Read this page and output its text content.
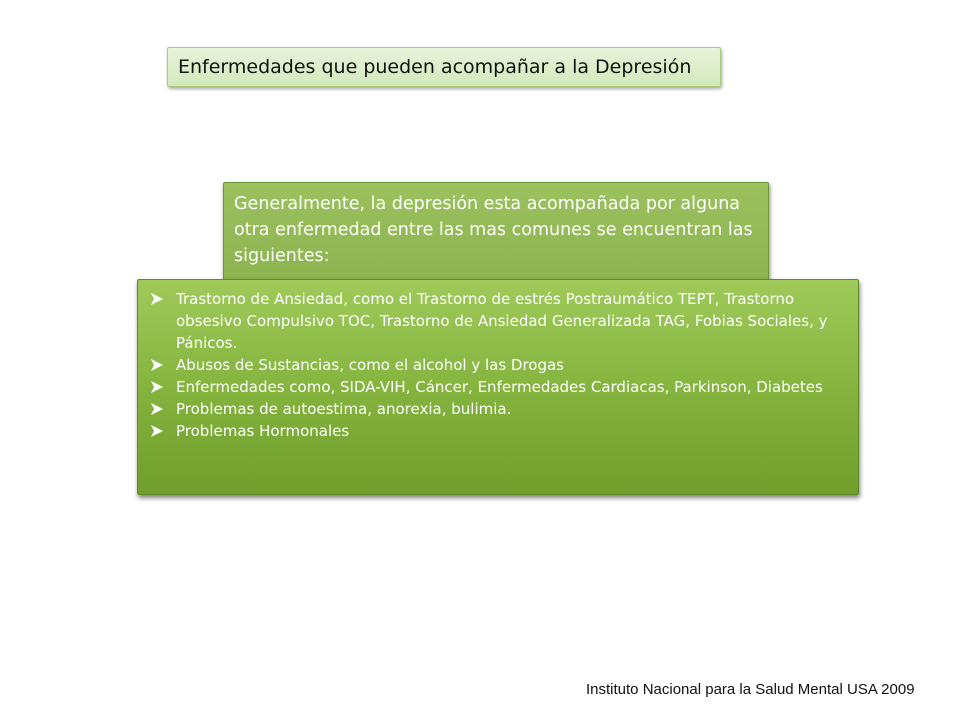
Enfermedades que pueden acompañar a la Depresión
Generalmente, la depresión esta acompañada por alguna otra enfermedad entre las mas comunes se encuentran las siguientes:
Trastorno de Ansiedad, como el Trastorno de estrés Postraumático TEPT, Trastorno obsesivo Compulsivo TOC, Trastorno de Ansiedad Generalizada TAG, Fobias Sociales, y Pánicos.
Abusos de Sustancias, como el alcohol y las Drogas
Enfermedades como, SIDA-VIH, Cáncer, Enfermedades Cardiacas, Parkinson, Diabetes
Problemas de autoestima, anorexia, bulimia.
Problemas Hormonales
Instituto Nacional para la Salud Mental USA 2009
